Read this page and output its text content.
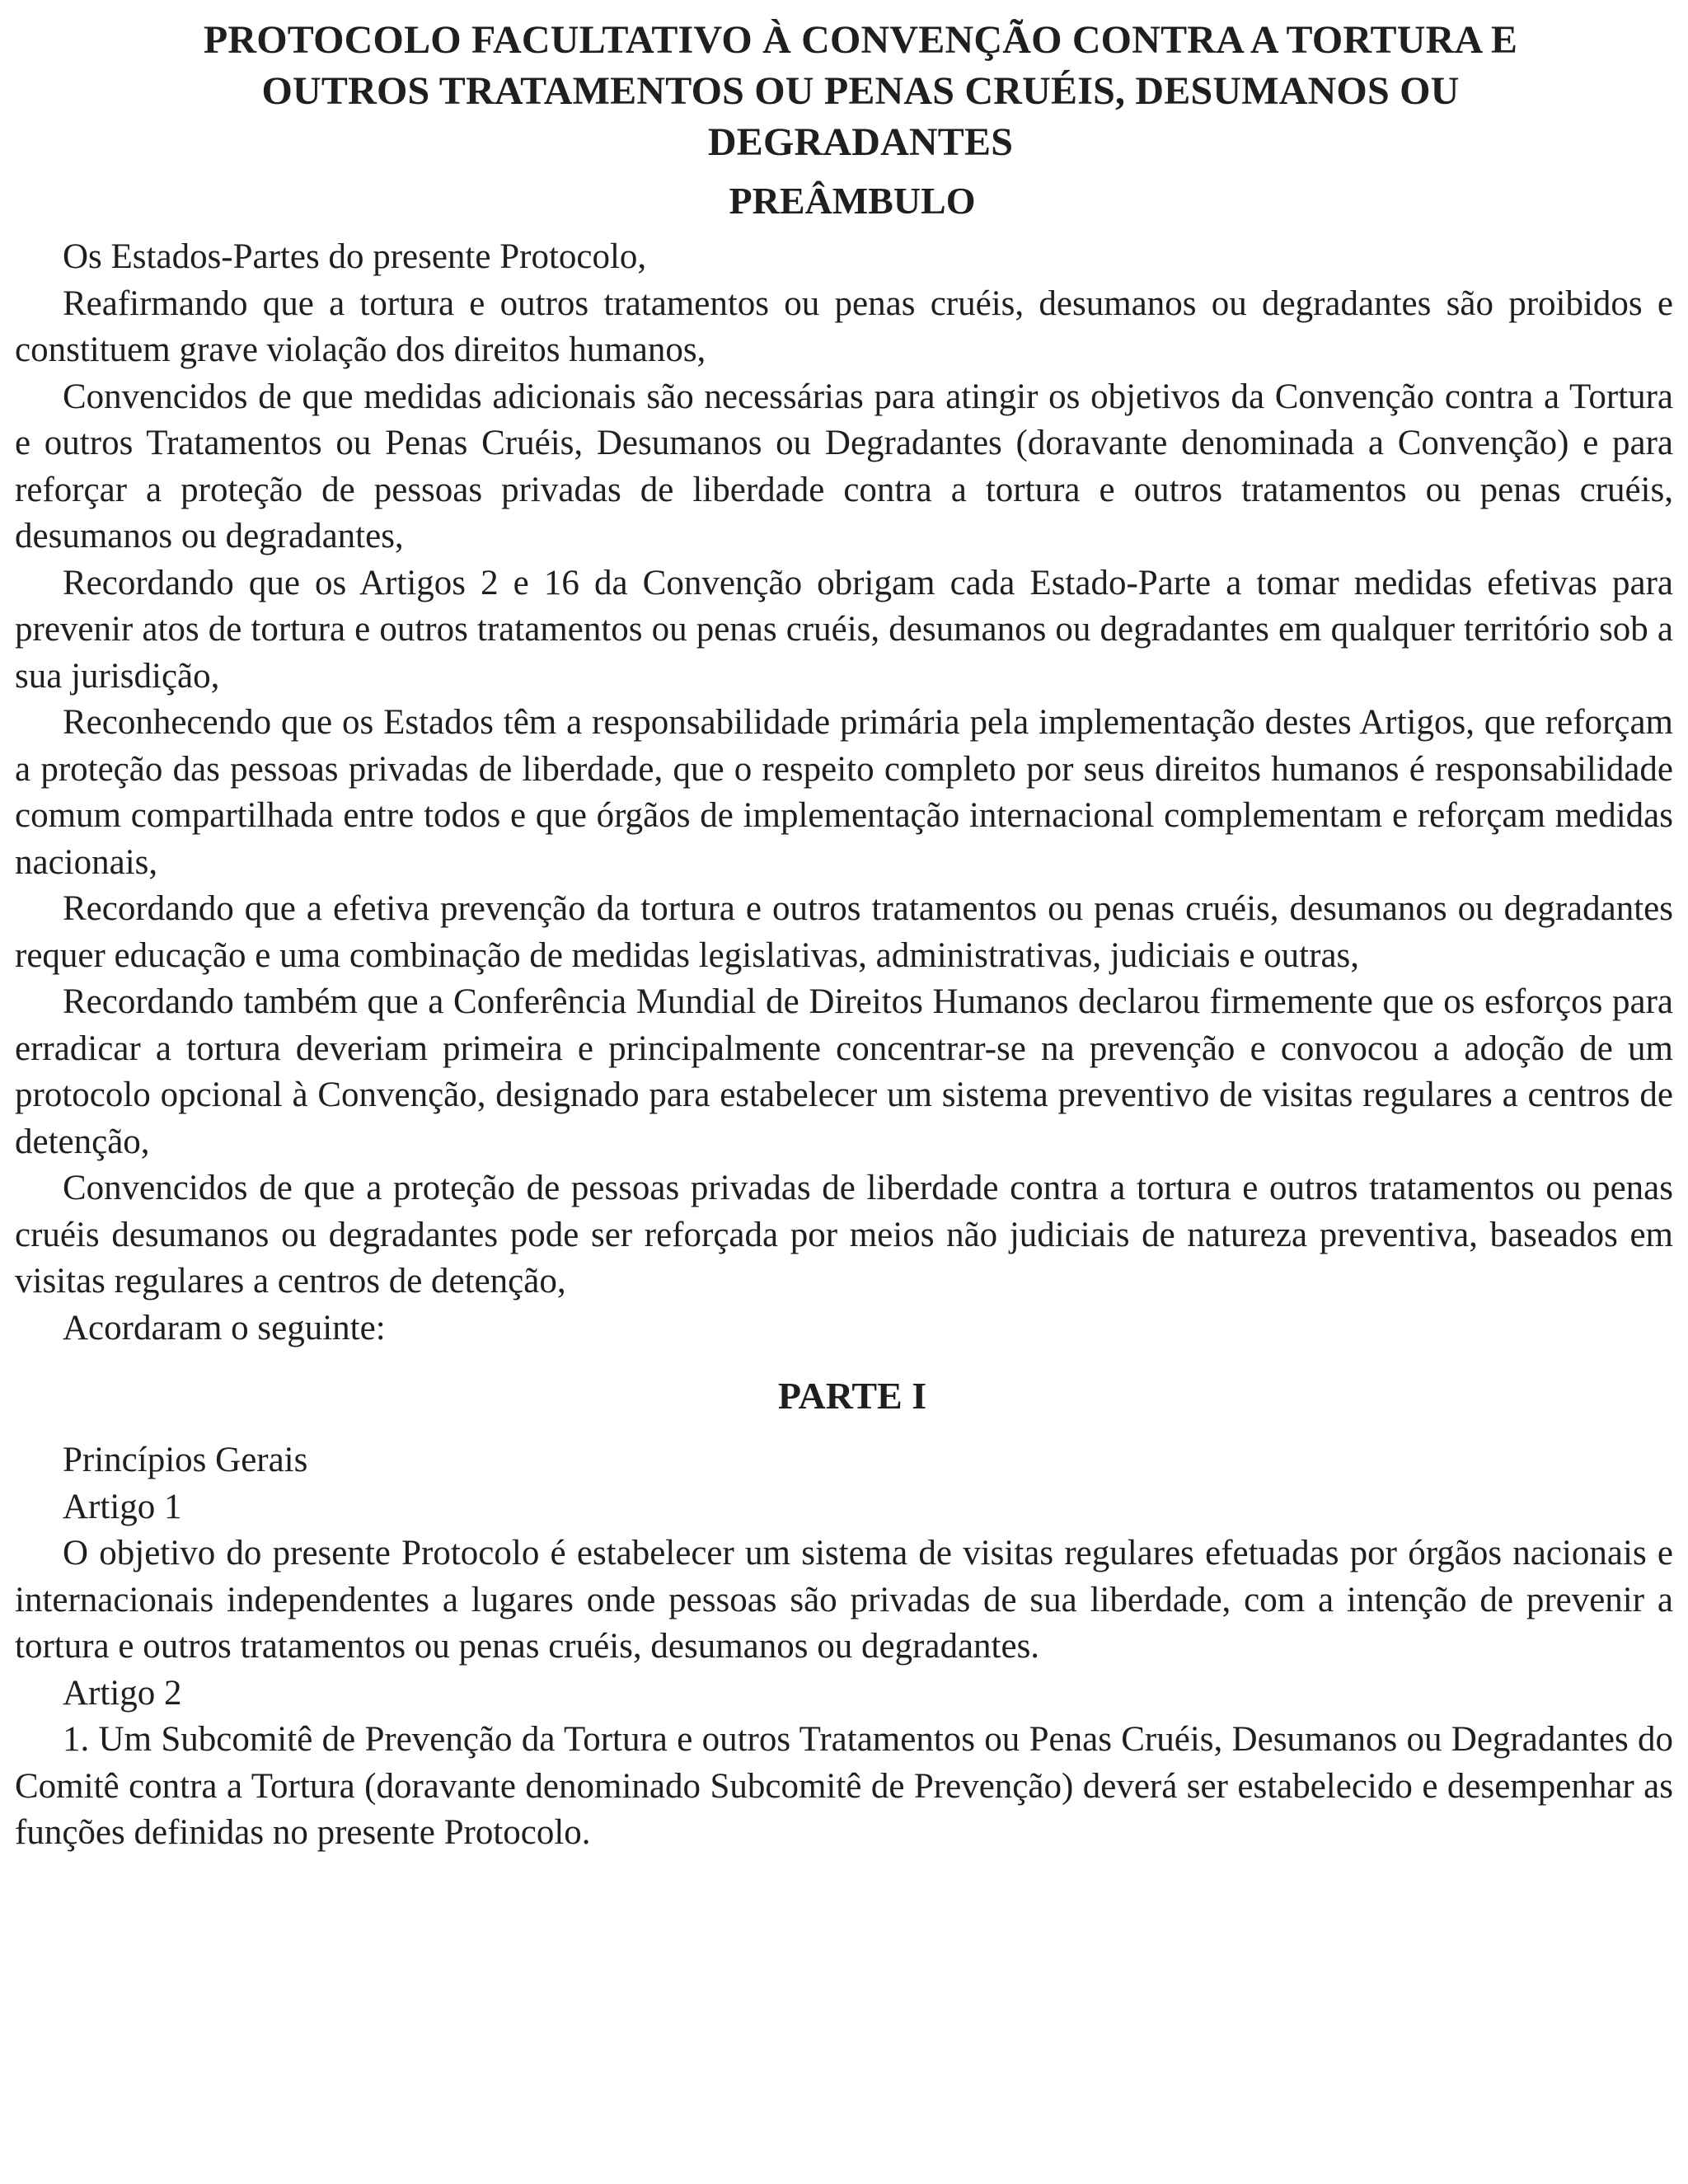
PROTOCOLO FACULTATIVO À CONVENÇÃO CONTRA A TORTURA E
OUTROS TRATAMENTOS OU PENAS CRUÉIS, DESUMANOS OU
DEGRADANTES
PREÂMBULO

Os Estados-Partes do presente Protocolo,

Reafirmando que a tortura e outros tratamentos ou penas cruéis, desumanos ou degradantes são proibidos e constituem grave violação dos direitos humanos,

Convencidos de que medidas adicionais são necessárias para atingir os objetivos da Convenção contra a Tortura e outros Tratamentos ou Penas Cruéis, Desumanos ou Degradantes (doravante denominada a Convenção) e para reforçar a proteção de pessoas privadas de liberdade contra a tortura e outros tratamentos ou penas cruéis, desumanos ou degradantes,

Recordando que os Artigos 2 e 16 da Convenção obrigam cada Estado-Parte a tomar medidas efetivas para prevenir atos de tortura e outros tratamentos ou penas cruéis, desumanos ou degradantes em qualquer território sob a sua jurisdição,

Reconhecendo que os Estados têm a responsabilidade primária pela implementação destes Artigos, que reforçam a proteção das pessoas privadas de liberdade, que o respeito completo por seus direitos humanos é responsabilidade comum compartilhada entre todos e que órgãos de implementação internacional complementam e reforçam medidas nacionais,

Recordando que a efetiva prevenção da tortura e outros tratamentos ou penas cruéis, desumanos ou degradantes requer educação e uma combinação de medidas legislativas, administrativas, judiciais e outras,

Recordando também que a Conferência Mundial de Direitos Humanos declarou firmemente que os esforços para erradicar a tortura deveriam primeira e principalmente concentrar-se na prevenção e convocou a adoção de um protocolo opcional à Convenção, designado para estabelecer um sistema preventivo de visitas regulares a centros de detenção,

Convencidos de que a proteção de pessoas privadas de liberdade contra a tortura e outros tratamentos ou penas cruéis desumanos ou degradantes pode ser reforçada por meios não judiciais de natureza preventiva, baseados em visitas regulares a centros de detenção,

Acordaram o seguinte:

PARTE I

Princípios Gerais

Artigo 1

O objetivo do presente Protocolo é estabelecer um sistema de visitas regulares efetuadas por órgãos nacionais e internacionais independentes a lugares onde pessoas são privadas de sua liberdade, com a intenção de prevenir a tortura e outros tratamentos ou penas cruéis, desumanos ou degradantes.

Artigo 2

1. Um Subcomitê de Prevenção da Tortura e outros Tratamentos ou Penas Cruéis, Desumanos ou Degradantes do Comitê contra a Tortura (doravante denominado Subcomitê de Prevenção) deverá ser estabelecido e desempenhar as funções definidas no presente Protocolo.
